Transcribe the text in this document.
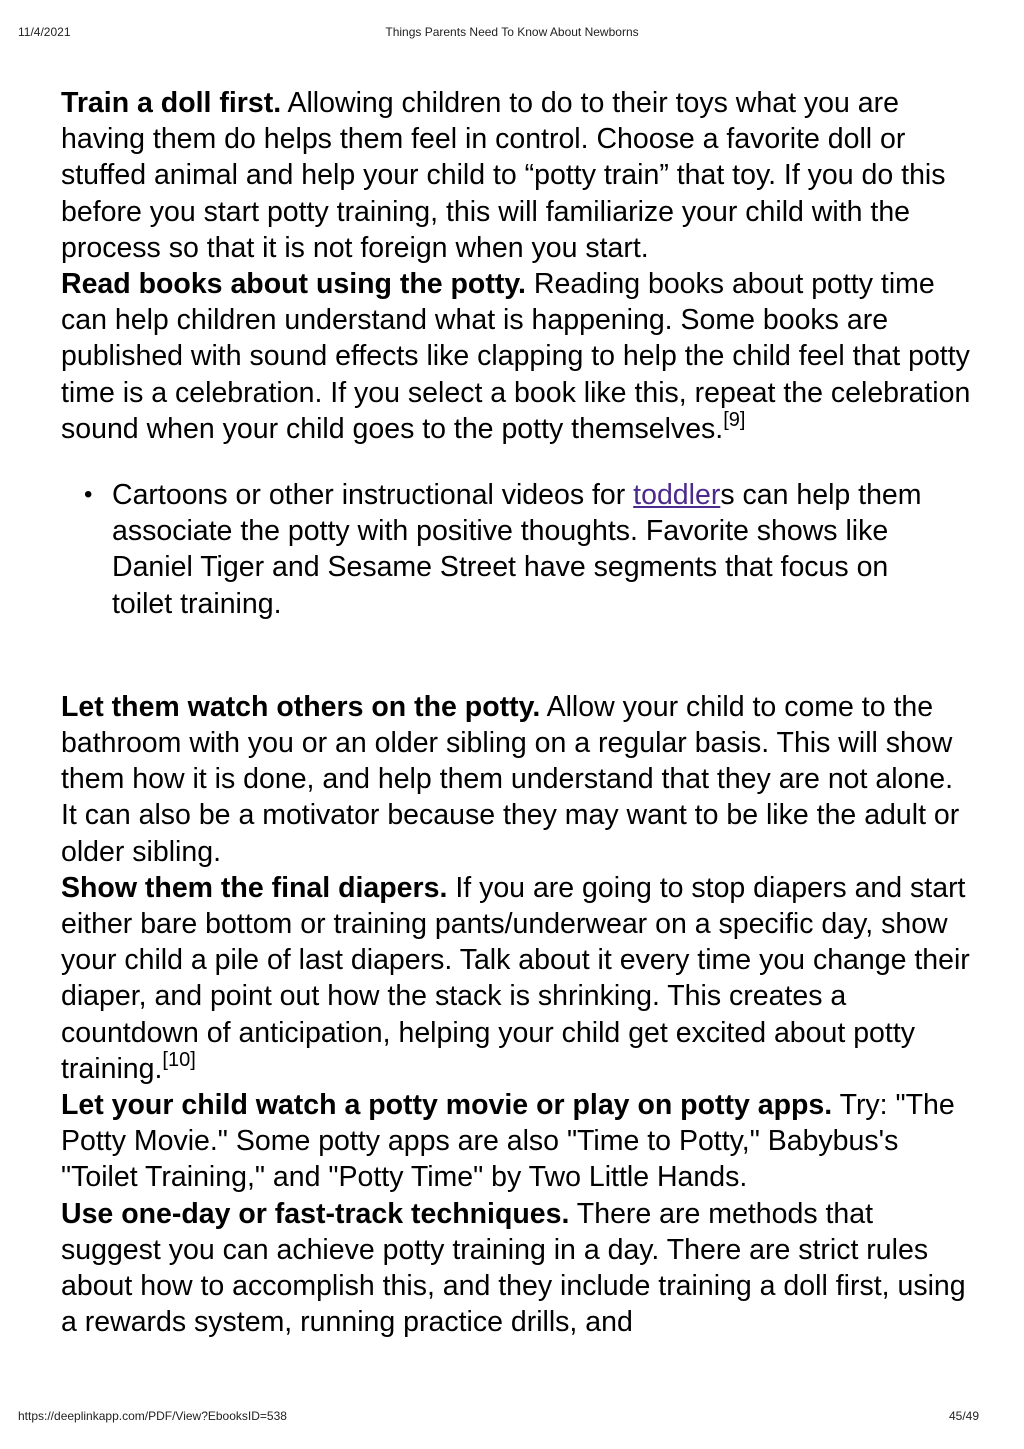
11/4/2021	Things Parents Need To Know About Newborns

Train a doll first. Allowing children to do to their toys what you are having them do helps them feel in control. Choose a favorite doll or stuffed animal and help your child to “potty train” that toy. If you do this before you start potty training, this will familiarize your child with the process so that it is not foreign when you start.

Read books about using the potty. Reading books about potty time can help children understand what is happening. Some books are published with sound effects like clapping to help the child feel that potty time is a celebration. If you select a book like this, repeat the celebration sound when your child goes to the potty themselves.[9]

• Cartoons or other instructional videos for toddlers can help them associate the potty with positive thoughts. Favorite shows like Daniel Tiger and Sesame Street have segments that focus on toilet training.

Let them watch others on the potty. Allow your child to come to the bathroom with you or an older sibling on a regular basis. This will show them how it is done, and help them understand that they are not alone. It can also be a motivator because they may want to be like the adult or older sibling.

Show them the final diapers. If you are going to stop diapers and start either bare bottom or training pants/underwear on a specific day, show your child a pile of last diapers. Talk about it every time you change their diaper, and point out how the stack is shrinking. This creates a countdown of anticipation, helping your child get excited about potty training.[10]

Let your child watch a potty movie or play on potty apps. Try: "The Potty Movie." Some potty apps are also "Time to Potty," Babybus's "Toilet Training," and "Potty Time" by Two Little Hands.

Use one-day or fast-track techniques. There are methods that suggest you can achieve potty training in a day. There are strict rules about how to accomplish this, and they include training a doll first, using a rewards system, running practice drills, and

https://deeplinkapp.com/PDF/View?EbooksID=538	45/49
